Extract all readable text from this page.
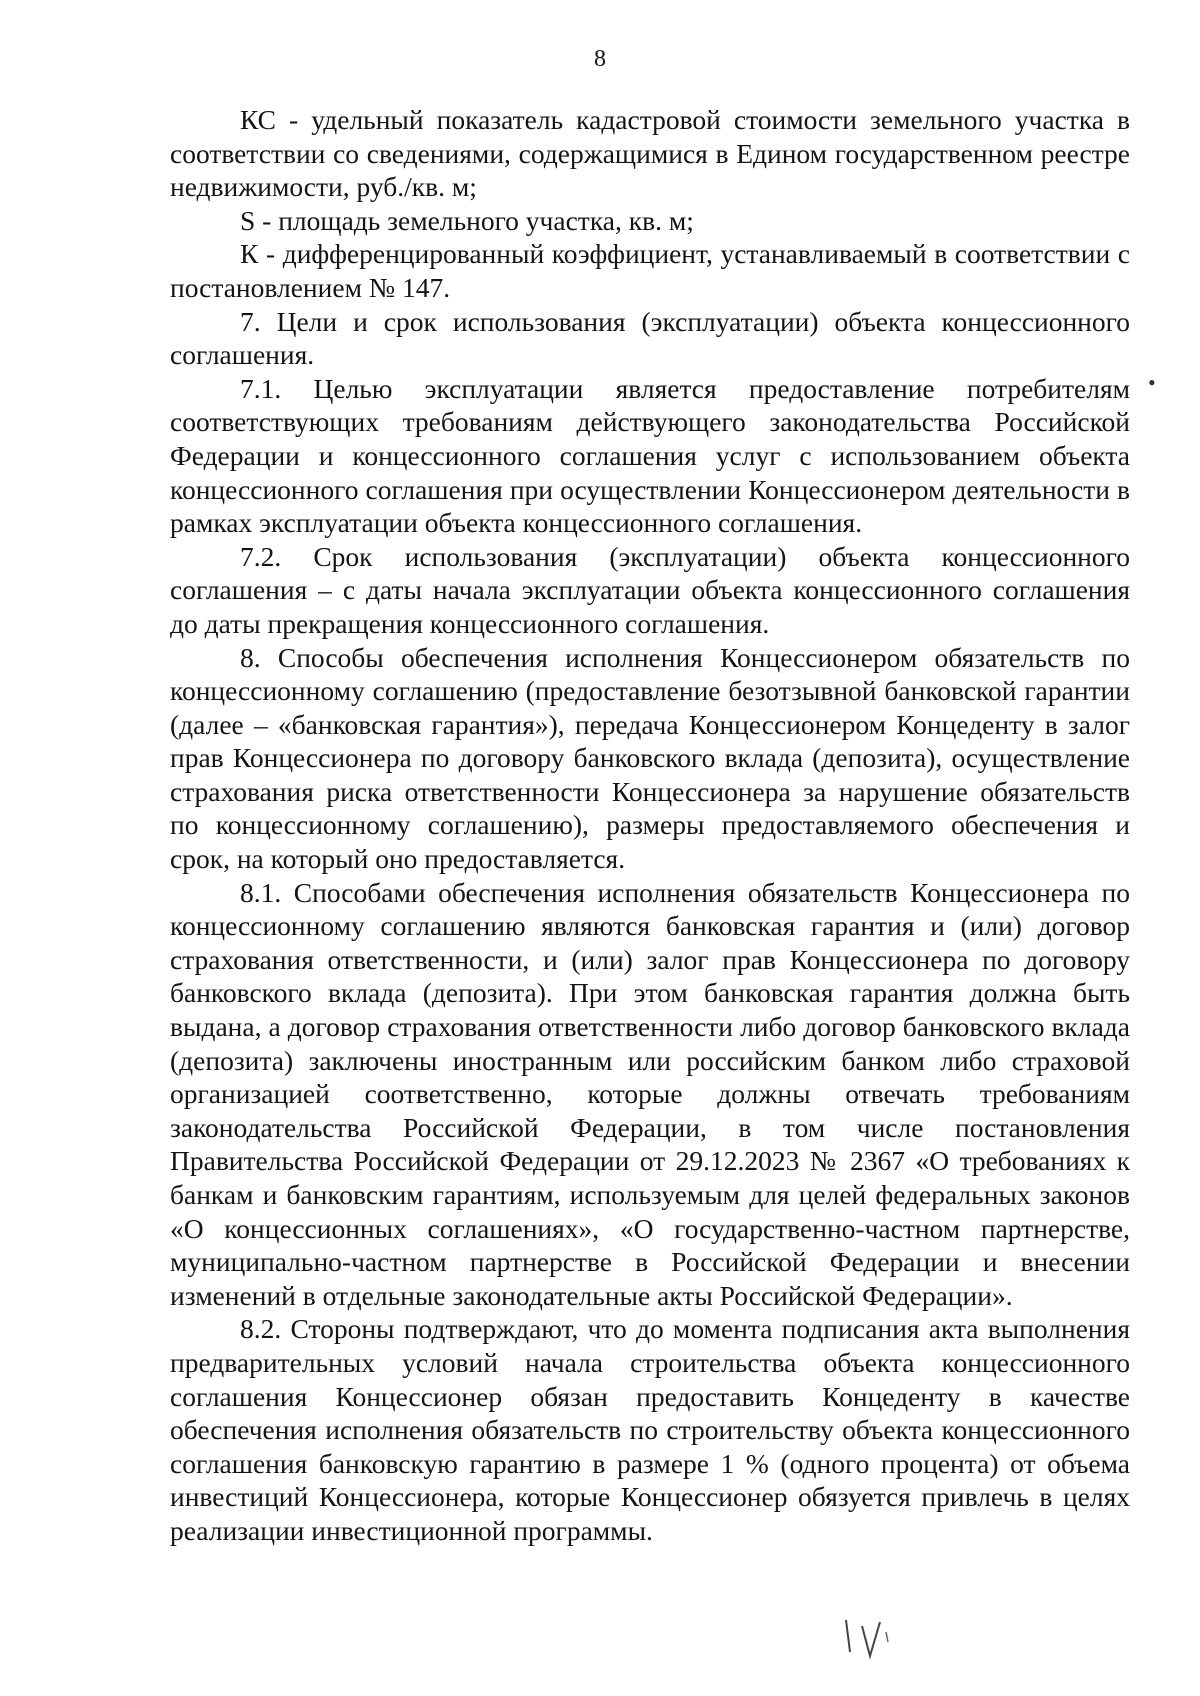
8

КС - удельный показатель кадастровой стоимости земельного участка в соответствии со сведениями, содержащимися в Едином государственном реестре недвижимости, руб./кв. м;

S - площадь земельного участка, кв. м;

К - дифференцированный коэффициент, устанавливаемый в соответствии с постановлением № 147.

7. Цели и срок использования (эксплуатации) объекта концессионного соглашения.

7.1. Целью эксплуатации является предоставление потребителям соответствующих требованиям действующего законодательства Российской Федерации и концессионного соглашения услуг с использованием объекта концессионного соглашения при осуществлении Концессионером деятельности в рамках эксплуатации объекта концессионного соглашения.

7.2. Срок использования (эксплуатации) объекта концессионного соглашения – с даты начала эксплуатации объекта концессионного соглашения до даты прекращения концессионного соглашения.

8. Способы обеспечения исполнения Концессионером обязательств по концессионному соглашению (предоставление безотзывной банковской гарантии (далее – «банковская гарантия»), передача Концессионером Концеденту в залог прав Концессионера по договору банковского вклада (депозита), осуществление страхования риска ответственности Концессионера за нарушение обязательств по концессионному соглашению), размеры предоставляемого обеспечения и срок, на который оно предоставляется.

8.1. Способами обеспечения исполнения обязательств Концессионера по концессионному соглашению являются банковская гарантия и (или) договор страхования ответственности, и (или) залог прав Концессионера по договору банковского вклада (депозита). При этом банковская гарантия должна быть выдана, а договор страхования ответственности либо договор банковского вклада (депозита) заключены иностранным или российским банком либо страховой организацией соответственно, которые должны отвечать требованиям законодательства Российской Федерации, в том числе постановления Правительства Российской Федерации от 29.12.2023 № 2367 «О требованиях к банкам и банковским гарантиям, используемым для целей федеральных законов «О концессионных соглашениях», «О государственно-частном партнерстве, муниципально-частном партнерстве в Российской Федерации и внесении изменений в отдельные законодательные акты Российской Федерации».

8.2. Стороны подтверждают, что до момента подписания акта выполнения предварительных условий начала строительства объекта концессионного соглашения Концессионер обязан предоставить Концеденту в качестве обеспечения исполнения обязательств по строительству объекта концессионного соглашения банковскую гарантию в размере 1 % (одного процента) от объема инвестиций Концессионера, которые Концессионер обязуется привлечь в целях реализации инвестиционной программы.

•
